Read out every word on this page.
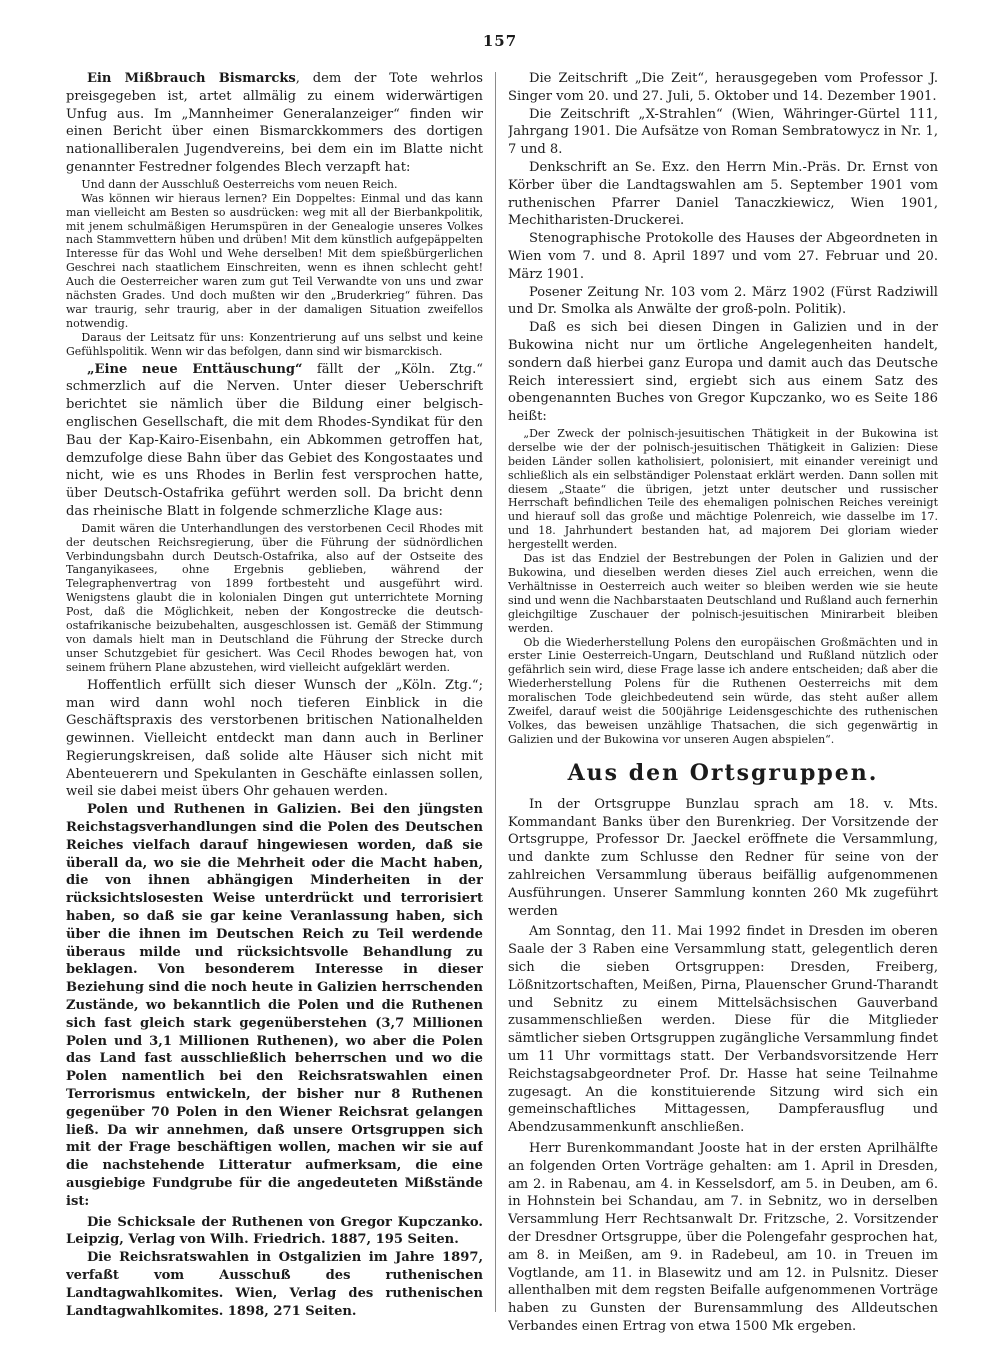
157

Ein Mißbrauch Bismarcks, dem der Tote wehrlos preisgegeben ist, artet allmälig zu einem widerwärtigen Unfug aus. Im „Mannheimer Generalanzeiger“ finden wir einen Bericht über einen Bismarckkommers des dortigen nationalliberalen Jugendvereins, bei dem ein im Blatte nicht genannter Festredner folgendes Blech verzapft hat:

Und dann der Ausschluß Oesterreichs vom neuen Reich.

Was können wir hieraus lernen? Ein Doppeltes: Einmal und das kann man vielleicht am Besten so ausdrücken: weg mit all der Bierbankpolitik, mit jenem schulmäßigen Herumspüren in der Genealogie unseres Volkes nach Stammvettern hüben und drüben! Mit dem künstlich aufgepäppelten Interesse für das Wohl und Wehe derselben! Mit dem spießbürgerlichen Geschrei nach staatlichem Einschreiten, wenn es ihnen schlecht geht! Auch die Oesterreicher waren zum gut Teil Verwandte von uns und zwar nächsten Grades. Und doch mußten wir den „Bruderkrieg“ führen. Das war traurig, sehr traurig, aber in der damaligen Situation zweifellos notwendig.

Daraus der Leitsatz für uns: Konzentrierung auf uns selbst und keine Gefühlspolitik. Wenn wir das befolgen, dann sind wir bismarckisch.

„Eine neue Enttäuschung“ fällt der „Köln. Ztg.“ schmerzlich auf die Nerven. Unter dieser Ueberschrift berichtet sie nämlich über die Bildung einer belgisch-englischen Gesellschaft, die mit dem Rhodes-Syndikat für den Bau der Kap-Kairo-Eisenbahn, ein Abkommen getroffen hat, demzufolge diese Bahn über das Gebiet des Kongostaates und nicht, wie es uns Rhodes in Berlin fest versprochen hatte, über Deutsch-Ostafrika geführt werden soll. Da bricht denn das rheinische Blatt in folgende schmerzliche Klage aus:

Damit wären die Unterhandlungen des verstorbenen Cecil Rhodes mit der deutschen Reichsregierung, über die Führung der südnördlichen Verbindungsbahn durch Deutsch-Ostafrika, also auf der Ostseite des Tanganyikasees, ohne Ergebnis geblieben, während der Telegraphenvertrag von 1899 fortbesteht und ausgeführt wird. Wenigstens glaubt die in kolonialen Dingen gut unterrichtete Morning Post, daß die Möglichkeit, neben der Kongostrecke die deutsch-ostafrikanische beizubehalten, ausgeschlossen ist. Gemäß der Stimmung von damals hielt man in Deutschland die Führung der Strecke durch unser Schutzgebiet für gesichert. Was Cecil Rhodes bewogen hat, von seinem frühern Plane abzustehen, wird vielleicht aufgeklärt werden.

Hoffentlich erfüllt sich dieser Wunsch der „Köln. Ztg.“; man wird dann wohl noch tieferen Einblick in die Geschäftspraxis des verstorbenen britischen Nationalhelden gewinnen. Vielleicht entdeckt man dann auch in Berliner Regierungskreisen, daß solide alte Häuser sich nicht mit Abenteuerern und Spekulanten in Geschäfte einlassen sollen, weil sie dabei meist übers Ohr gehauen werden.

Polen und Ruthenen in Galizien. Bei den jüngsten Reichstagsverhandlungen sind die Polen des Deutschen Reiches vielfach darauf hingewiesen worden, daß sie überall da, wo sie die Mehrheit oder die Macht haben, die von ihnen abhängigen Minderheiten in der rücksichtslosesten Weise unterdrückt und terrorisiert haben, so daß sie gar keine Veranlassung haben, sich über die ihnen im Deutschen Reich zu Teil werdende überaus milde und rücksichtsvolle Behandlung zu beklagen. Von besonderem Interesse in dieser Beziehung sind die noch heute in Galizien herrschenden Zustände, wo bekanntlich die Polen und die Ruthenen sich fast gleich stark gegenüberstehen (3,7 Millionen Polen und 3,1 Millionen Ruthenen), wo aber die Polen das Land fast ausschließlich beherrschen und wo die Polen namentlich bei den Reichsratswahlen einen Terrorismus entwickeln, der bisher nur 8 Ruthenen gegenüber 70 Polen in den Wiener Reichsrat gelangen ließ. Da wir annehmen, daß unsere Ortsgruppen sich mit der Frage beschäftigen wollen, machen wir sie auf die nachstehende Litteratur aufmerksam, die eine ausgiebige Fundgrube für die angedeuteten Mißstände ist:

Die Schicksale der Ruthenen von Gregor Kupczanko. Leipzig, Verlag von Wilh. Friedrich. 1887, 195 Seiten.

Die Reichsratswahlen in Ostgalizien im Jahre 1897, verfaßt vom Ausschuß des ruthenischen Landtagwahlkomites. Wien, Verlag des ruthenischen Landtagwahlkomites. 1898, 271 Seiten.

Die Zeitschrift „Die Zeit“, herausgegeben vom Professor J. Singer vom 20. und 27. Juli, 5. Oktober und 14. Dezember 1901.

Die Zeitschrift „X-Strahlen“ (Wien, Währinger-Gürtel 111, Jahrgang 1901. Die Aufsätze von Roman Sembratowycz in Nr. 1, 7 und 8.

Denkschrift an Se. Exz. den Herrn Min.-Präs. Dr. Ernst von Körber über die Landtagswahlen am 5. September 1901 vom ruthenischen Pfarrer Daniel Tanaczkiewicz, Wien 1901, Mechitharisten-Druckerei.

Stenographische Protokolle des Hauses der Abgeordneten in Wien vom 7. und 8. April 1897 und vom 27. Februar und 20. März 1901.

Posener Zeitung Nr. 103 vom 2. März 1902 (Fürst Radziwill und Dr. Smolka als Anwälte der groß-poln. Politik).

Daß es sich bei diesen Dingen in Galizien und in der Bukowina nicht nur um örtliche Angelegenheiten handelt, sondern daß hierbei ganz Europa und damit auch das Deutsche Reich interessiert sind, ergiebt sich aus einem Satz des obengenannten Buches von Gregor Kupczanko, wo es Seite 186 heißt:

„Der Zweck der polnisch-jesuitischen Thätigkeit in der Bukowina ist derselbe wie der der polnisch-jesuitischen Thätigkeit in Galizien: Diese beiden Länder sollen katholisiert, polonisiert, mit einander vereinigt und schließlich als ein selbständiger Polenstaat erklärt werden. Dann sollen mit diesem „Staate“ die übrigen, jetzt unter deutscher und russischer Herrschaft befindlichen Teile des ehemaligen polnischen Reiches vereinigt und hierauf soll das große und mächtige Polenreich, wie dasselbe im 17. und 18. Jahrhundert bestanden hat, ad majorem Dei gloriam wieder hergestellt werden.

Das ist das Endziel der Bestrebungen der Polen in Galizien und der Bukowina, und dieselben werden dieses Ziel auch erreichen, wenn die Verhältnisse in Oesterreich auch weiter so bleiben werden wie sie heute sind und wenn die Nachbarstaaten Deutschland und Rußland auch fernerhin gleichgiltige Zuschauer der polnisch-jesuitischen Minirarbeit bleiben werden.

Ob die Wiederherstellung Polens den europäischen Großmächten und in erster Linie Oesterreich-Ungarn, Deutschland und Rußland nützlich oder gefährlich sein wird, diese Frage lasse ich andere entscheiden; daß aber die Wiederherstellung Polens für die Ruthenen Oesterreichs mit dem moralischen Tode gleichbedeutend sein würde, das steht außer allem Zweifel, darauf weist die 500jährige Leidensgeschichte des ruthenischen Volkes, das beweisen unzählige Thatsachen, die sich gegenwärtig in Galizien und der Bukowina vor unseren Augen abspielen“.

Aus den Ortsgruppen.

In der Ortsgruppe Bunzlau sprach am 18. v. Mts. Kommandant Banks über den Burenkrieg. Der Vorsitzende der Ortsgruppe, Professor Dr. Jaeckel eröffnete die Versammlung, und dankte zum Schlusse den Redner für seine von der zahlreichen Versammlung überaus beifällig aufgenommenen Ausführungen. Unserer Sammlung konnten 260 Mk zugeführt werden

Am Sonntag, den 11. Mai 1992 findet in Dresden im oberen Saale der 3 Raben eine Versammlung statt, gelegentlich deren sich die sieben Ortsgruppen: Dresden, Freiberg, Lößnitzortschaften, Meißen, Pirna, Plauenscher Grund-Tharandt und Sebnitz zu einem Mittelsächsischen Gauverband zusammenschließen werden. Diese für die Mitglieder sämtlicher sieben Ortsgruppen zugängliche Versammlung findet um 11 Uhr vormittags statt. Der Verbandsvorsitzende Herr Reichstagsabgeordneter Prof. Dr. Hasse hat seine Teilnahme zugesagt. An die konstituierende Sitzung wird sich ein gemeinschaftliches Mittagessen, Dampferausflug und Abendzusammenkunft anschließen.

Herr Burenkommandant Jooste hat in der ersten Aprilhälfte an folgenden Orten Vorträge gehalten: am 1. April in Dresden, am 2. in Rabenau, am 4. in Kesselsdorf, am 5. in Deuben, am 6. in Hohnstein bei Schandau, am 7. in Sebnitz, wo in derselben Versammlung Herr Rechtsanwalt Dr. Fritzsche, 2. Vorsitzender der Dresdner Ortsgruppe, über die Polengefahr gesprochen hat, am 8. in Meißen, am 9. in Radebeul, am 10. in Treuen im Vogtlande, am 11. in Blasewitz und am 12. in Pulsnitz. Dieser allenthalben mit dem regsten Beifalle aufgenommenen Vorträge haben zu Gunsten der Burensammlung des Alldeutschen Verbandes einen Ertrag von etwa 1500 Mk ergeben.
